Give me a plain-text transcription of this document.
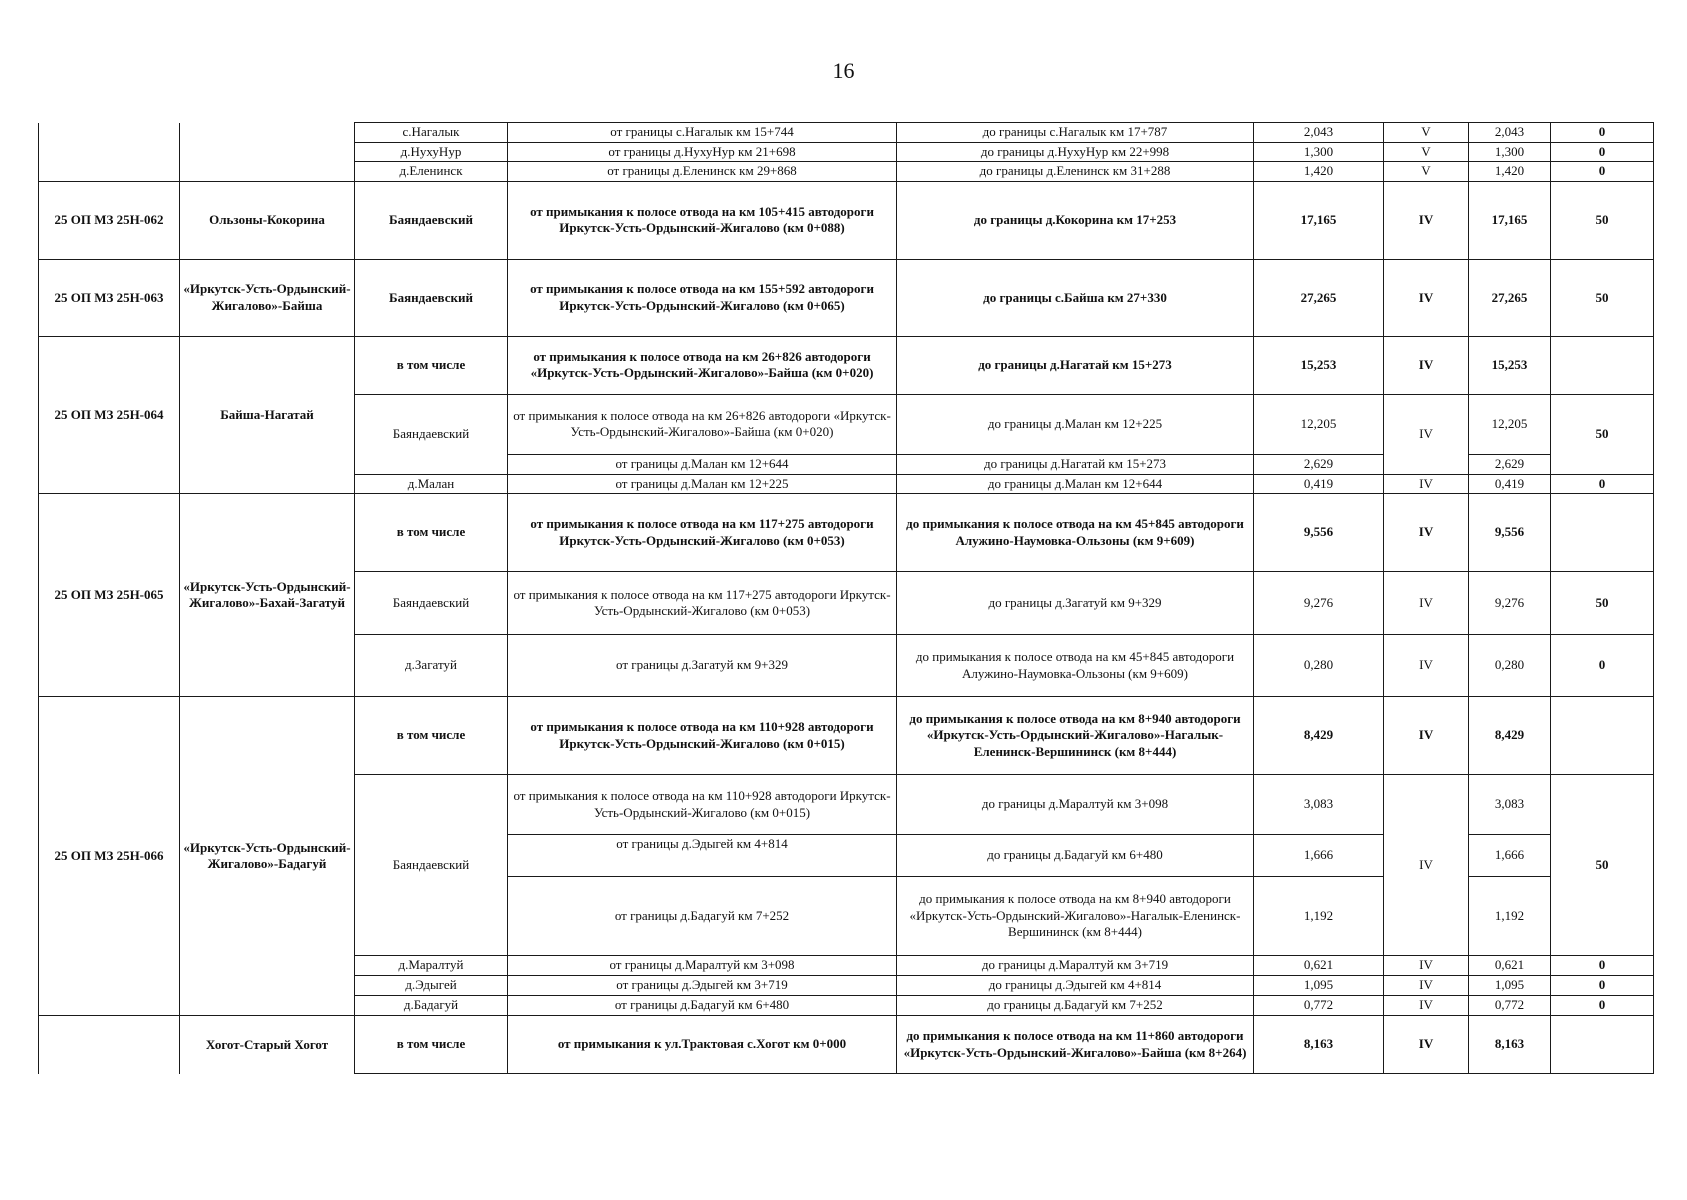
16
		с.Нагалык	от границы с.Нагалык км 15+744	до границы с.Нагалык км 17+787	2,043	V	2,043	0
		д.НухуНур	от границы д.НухуНур км 21+698	до границы д.НухуНур км 22+998	1,300	V	1,300	0
		д.Еленинск	от границы д.Еленинск км 29+868	до границы д.Еленинск км 31+288	1,420	V	1,420	0
25 ОП МЗ 25Н-062	Ользоны-Кокорина	Баяндаевский	от примыкания к полосе отвода на км 105+415 автодороги Иркутск-Усть-Ордынский-Жигалово (км 0+088)	до границы д.Кокорина км 17+253	17,165	IV	17,165	50
25 ОП МЗ 25Н-063	«Иркутск-Усть-Ордынский-Жигалово»-Байша	Баяндаевский	от примыкания к полосе отвода на км 155+592 автодороги Иркутск-Усть-Ордынский-Жигалово (км 0+065)	до границы с.Байша км 27+330	27,265	IV	27,265	50
25 ОП МЗ 25Н-064	Байша-Нагатай	в том числе	от примыкания к полосе отвода на км 26+826 автодороги «Иркутск-Усть-Ордынский-Жигалово»-Байша (км 0+020)	до границы д.Нагатай км 15+273	15,253	IV	15,253	
		Баяндаевский	от примыкания к полосе отвода на км 26+826 автодороги «Иркутск-Усть-Ордынский-Жигалово»-Байша (км 0+020)	до границы д.Малан км 12+225	12,205	IV	12,205	50
			от границы д.Малан км 12+644	до границы д.Нагатай км 15+273	2,629		2,629	
		д.Малан	от границы д.Малан км 12+225	до границы д.Малан км 12+644	0,419	IV	0,419	0
25 ОП МЗ 25Н-065	«Иркутск-Усть-Ордынский-Жигалово»-Бахай-Загатуй	в том числе	от примыкания к полосе отвода на км 117+275 автодороги Иркутск-Усть-Ордынский-Жигалово (км 0+053)	до примыкания к полосе отвода на км 45+845 автодороги Алужино-Наумовка-Ользоны (км 9+609)	9,556	IV	9,556	
		Баяндаевский	от примыкания к полосе отвода на км 117+275 автодороги Иркутск-Усть-Ордынский-Жигалово (км 0+053)	до границы д.Загатуй км 9+329	9,276	IV	9,276	50
		д.Загатуй	от границы д.Загатуй км 9+329	до примыкания к полосе отвода на км 45+845 автодороги Алужино-Наумовка-Ользоны (км 9+609)	0,280	IV	0,280	0
25 ОП МЗ 25Н-066	«Иркутск-Усть-Ордынский-Жигалово»-Бадагуй	в том числе	от примыкания к полосе отвода на км 110+928 автодороги Иркутск-Усть-Ордынский-Жигалово (км 0+015)	до примыкания к полосе отвода на км 8+940 автодороги «Иркутск-Усть-Ордынский-Жигалово»-Нагалык-Еленинск-Вершининск (км 8+444)	8,429	IV	8,429	
		Баяндаевский	от примыкания к полосе отвода на км 110+928 автодороги Иркутск-Усть-Ордынский-Жигалово (км 0+015)	до границы д.Маралтуй км 3+098	3,083	IV	3,083	50
			от границы д.Эдыгей км 4+814	до границы д.Бадагуй км 6+480	1,666		1,666	
			от границы д.Бадагуй км 7+252	до примыкания к полосе отвода на км 8+940 автодороги «Иркутск-Усть-Ордынский-Жигалово»-Нагалык-Еленинск-Вершининск (км 8+444)	1,192		1,192	
		д.Маралтуй	от границы д.Маралтуй км 3+098	до границы д.Маралтуй км 3+719	0,621	IV	0,621	0
		д.Эдыгей	от границы д.Эдыгей км 3+719	до границы д.Эдыгей км 4+814	1,095	IV	1,095	0
		д.Бадагуй	от границы д.Бадагуй км 6+480	до границы д.Бадагуй км 7+252	0,772	IV	0,772	0
	Хогот-Старый Хогот	в том числе	от примыкания к ул.Трактовая с.Хогот км 0+000	до примыкания к полосе отвода на км 11+860 автодороги «Иркутск-Усть-Ордынский-Жигалово»-Байша (км 8+264)	8,163	IV	8,163	
